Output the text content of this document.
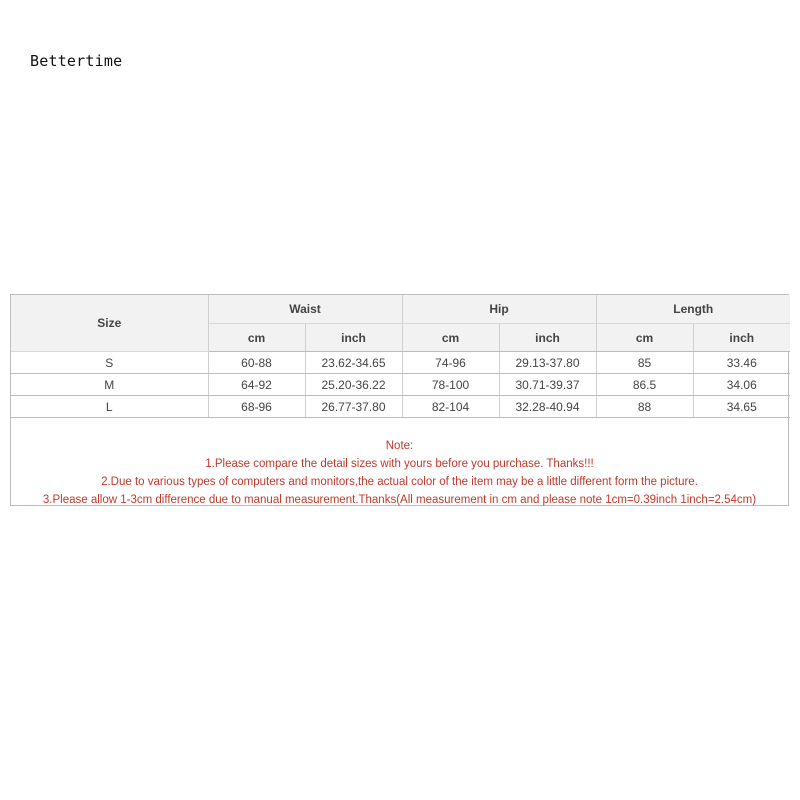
Bettertime
Size	Waist		Hip		Length	
	cm	inch	cm	inch	cm	inch
S	60-88	23.62-34.65	74-96	29.13-37.80	85	33.46
M	64-92	25.20-36.22	78-100	30.71-39.37	86.5	34.06
L	68-96	26.77-37.80	82-104	32.28-40.94	88	34.65
Note:
1.Please compare the detail sizes with yours before you purchase. Thanks!!!
2.Due to various types of computers and monitors,the actual color of the item may be a little different form the picture.
3.Please allow 1-3cm difference due to manual measurement.Thanks(All measurement in cm and please note 1cm=0.39inch 1inch=2.54cm)
